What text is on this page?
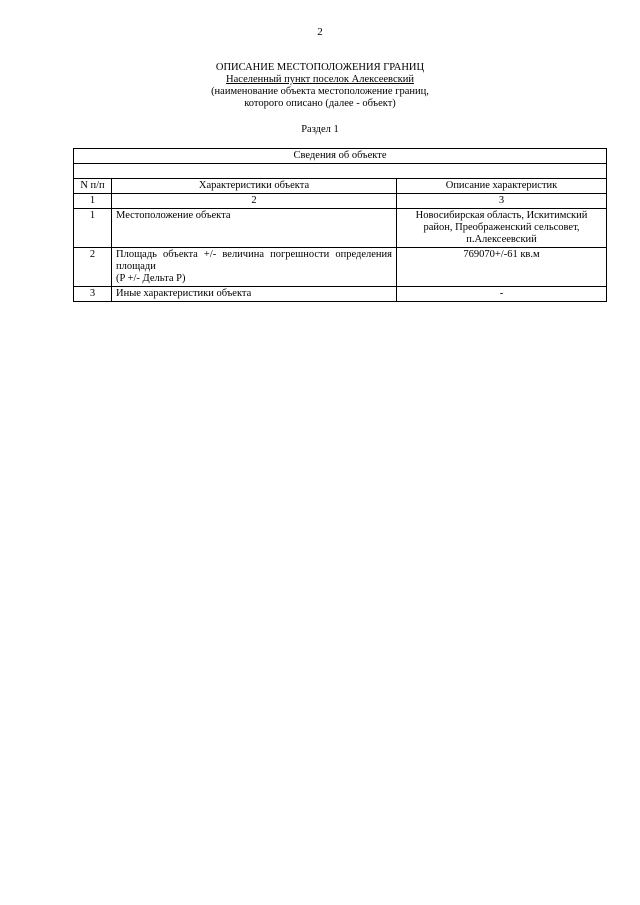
2
ОПИСАНИЕ МЕСТОПОЛОЖЕНИЯ ГРАНИЦ
Населенный пункт поселок Алексеевский
(наименование объекта местоположение границ,
которого описано (далее - объект)
Раздел 1
Сведения об объекте		

N п/п	Характеристики объекта	Описание характеристик
1	2	3
1	Местоположение объекта	Новосибирская область, Искитимский
район, Преображенский сельсовет,
п.Алексеевский

2	Площадь объекта +/- величина погрешности определения площади
(P +/- Дельта P)	769070+/-61 кв.м
3	Иные характеристики объекта	-
